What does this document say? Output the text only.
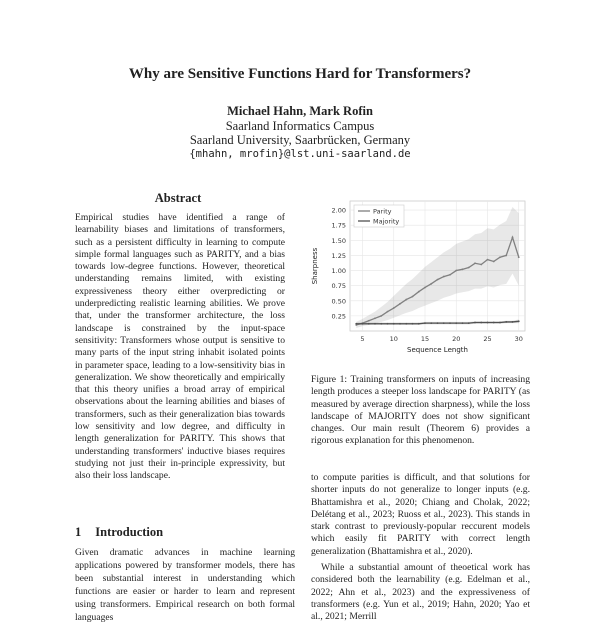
Why are Sensitive Functions Hard for Transformers?
Michael Hahn, Mark Rofin
Saarland Informatics Campus
Saarland University, Saarbrücken, Germany
{mhahn, mrofin}@lst.uni-saarland.de
Abstract
Empirical studies have identified a range of learnability biases and limitations of transformers, such as a persistent difficulty in learning to compute simple formal languages such as PARITY, and a bias towards low-degree functions. However, theoretical understanding remains limited, with existing expressiveness theory either overpredicting or underpredicting realistic learning abilities. We prove that, under the transformer architecture, the loss landscape is constrained by the input-space sensitivity: Transformers whose output is sensitive to many parts of the input string inhabit isolated points in parameter space, leading to a low-sensitivity bias in generalization. We show theoretically and empirically that this theory unifies a broad array of empirical observations about the learning abilities and biases of transformers, such as their generalization bias towards low sensitivity and low degree, and difficulty in length generalization for PARITY. This shows that understanding transformers' inductive biases requires studying not just their in-principle expressivity, but also their loss landscape.
1 Introduction
Given dramatic advances in machine learning applications powered by transformer models, there has been substantial interest in understanding which functions are easier or harder to learn and represent using transformers. Empirical research on both formal languages
0.25
0.50
0.75
1.00
1.25
1.50
1.75
2.00
5	10	15	20	25	30
Parity
Majority
Sequence Length
Sharpness
Figure 1: Training transformers on inputs of increasing length produces a steeper loss landscape for PARITY (as measured by average direction sharpness), while the loss landscape of MAJORITY does not show significant changes. Our main result (Theorem 6) provides a rigorous explanation for this phenomenon.

to compute parities is difficult, and that solutions for shorter inputs do not generalize to longer inputs (e.g. Bhattamishra et al., 2020; Chiang and Cholak, 2022; Delétang et al., 2023; Ruoss et al., 2023). This stands in stark contrast to previously-popular reccurent models which easily fit PARITY with correct length generalization (Bhattamishra et al., 2020).

While a substantial amount of theoetical work has considered both the learnability (e.g. Edelman et al., 2022; Ahn et al., 2023) and the expressiveness of transformers (e.g. Yun et al., 2019; Hahn, 2020; Yao et al., 2021; Merrill
